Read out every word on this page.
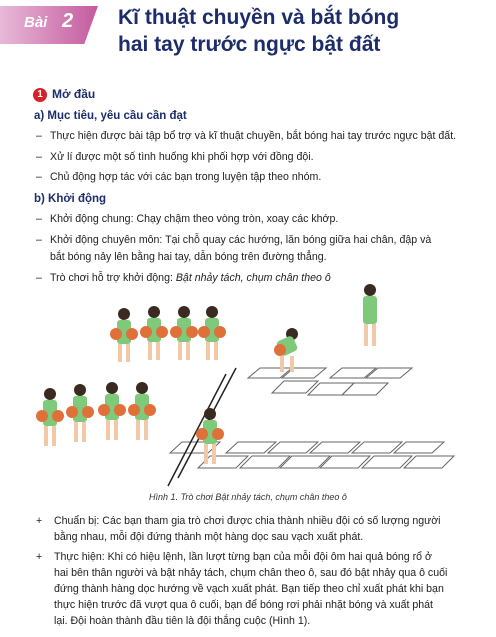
Bài 2 Kĩ thuật chuyền và bắt bóng
hai tay trước ngực bật đất
1 Mở đầu
a) Mục tiêu, yêu cầu cần đạt
– Thực hiện được bài tập bổ trợ và kĩ thuật chuyền, bắt bóng hai tay trước ngực bật đất.
– Xử lí được một số tình huống khi phối hợp với đồng đội.
– Chủ động hợp tác với các bạn trong luyện tập theo nhóm.
b) Khởi động
– Khởi động chung: Chạy chậm theo vòng tròn, xoay các khớp.
– Khởi động chuyên môn: Tại chỗ quay các hướng, lăn bóng giữa hai chân, đập và
bắt bóng nảy lên bằng hai tay, dẫn bóng trên đường thẳng.
– Trò chơi hỗ trợ khởi động: Bật nhảy tách, chụm chân theo ô
Hình 1. Trò chơi Bật nhảy tách, chụm chân theo ô
+ Chuẩn bị: Các bạn tham gia trò chơi được chia thành nhiều đội có số lượng người
bằng nhau, mỗi đội đứng thành một hàng dọc sau vạch xuất phát.
+ Thực hiện: Khi có hiệu lệnh, lần lượt từng bạn của mỗi đội ôm hai quả bóng rổ ở
hai bên thân người và bật nhảy tách, chụm chân theo ô, sau đó bật nhảy qua ô cuối
đứng thành hàng dọc hướng về vạch xuất phát. Bạn tiếp theo chỉ xuất phát khi bạn
thực hiện trước đã vượt qua ô cuối, bạn để bóng rơi phải nhặt bóng và xuất phát
lại. Đội hoàn thành đầu tiên là đội thắng cuộc (Hình 1).
